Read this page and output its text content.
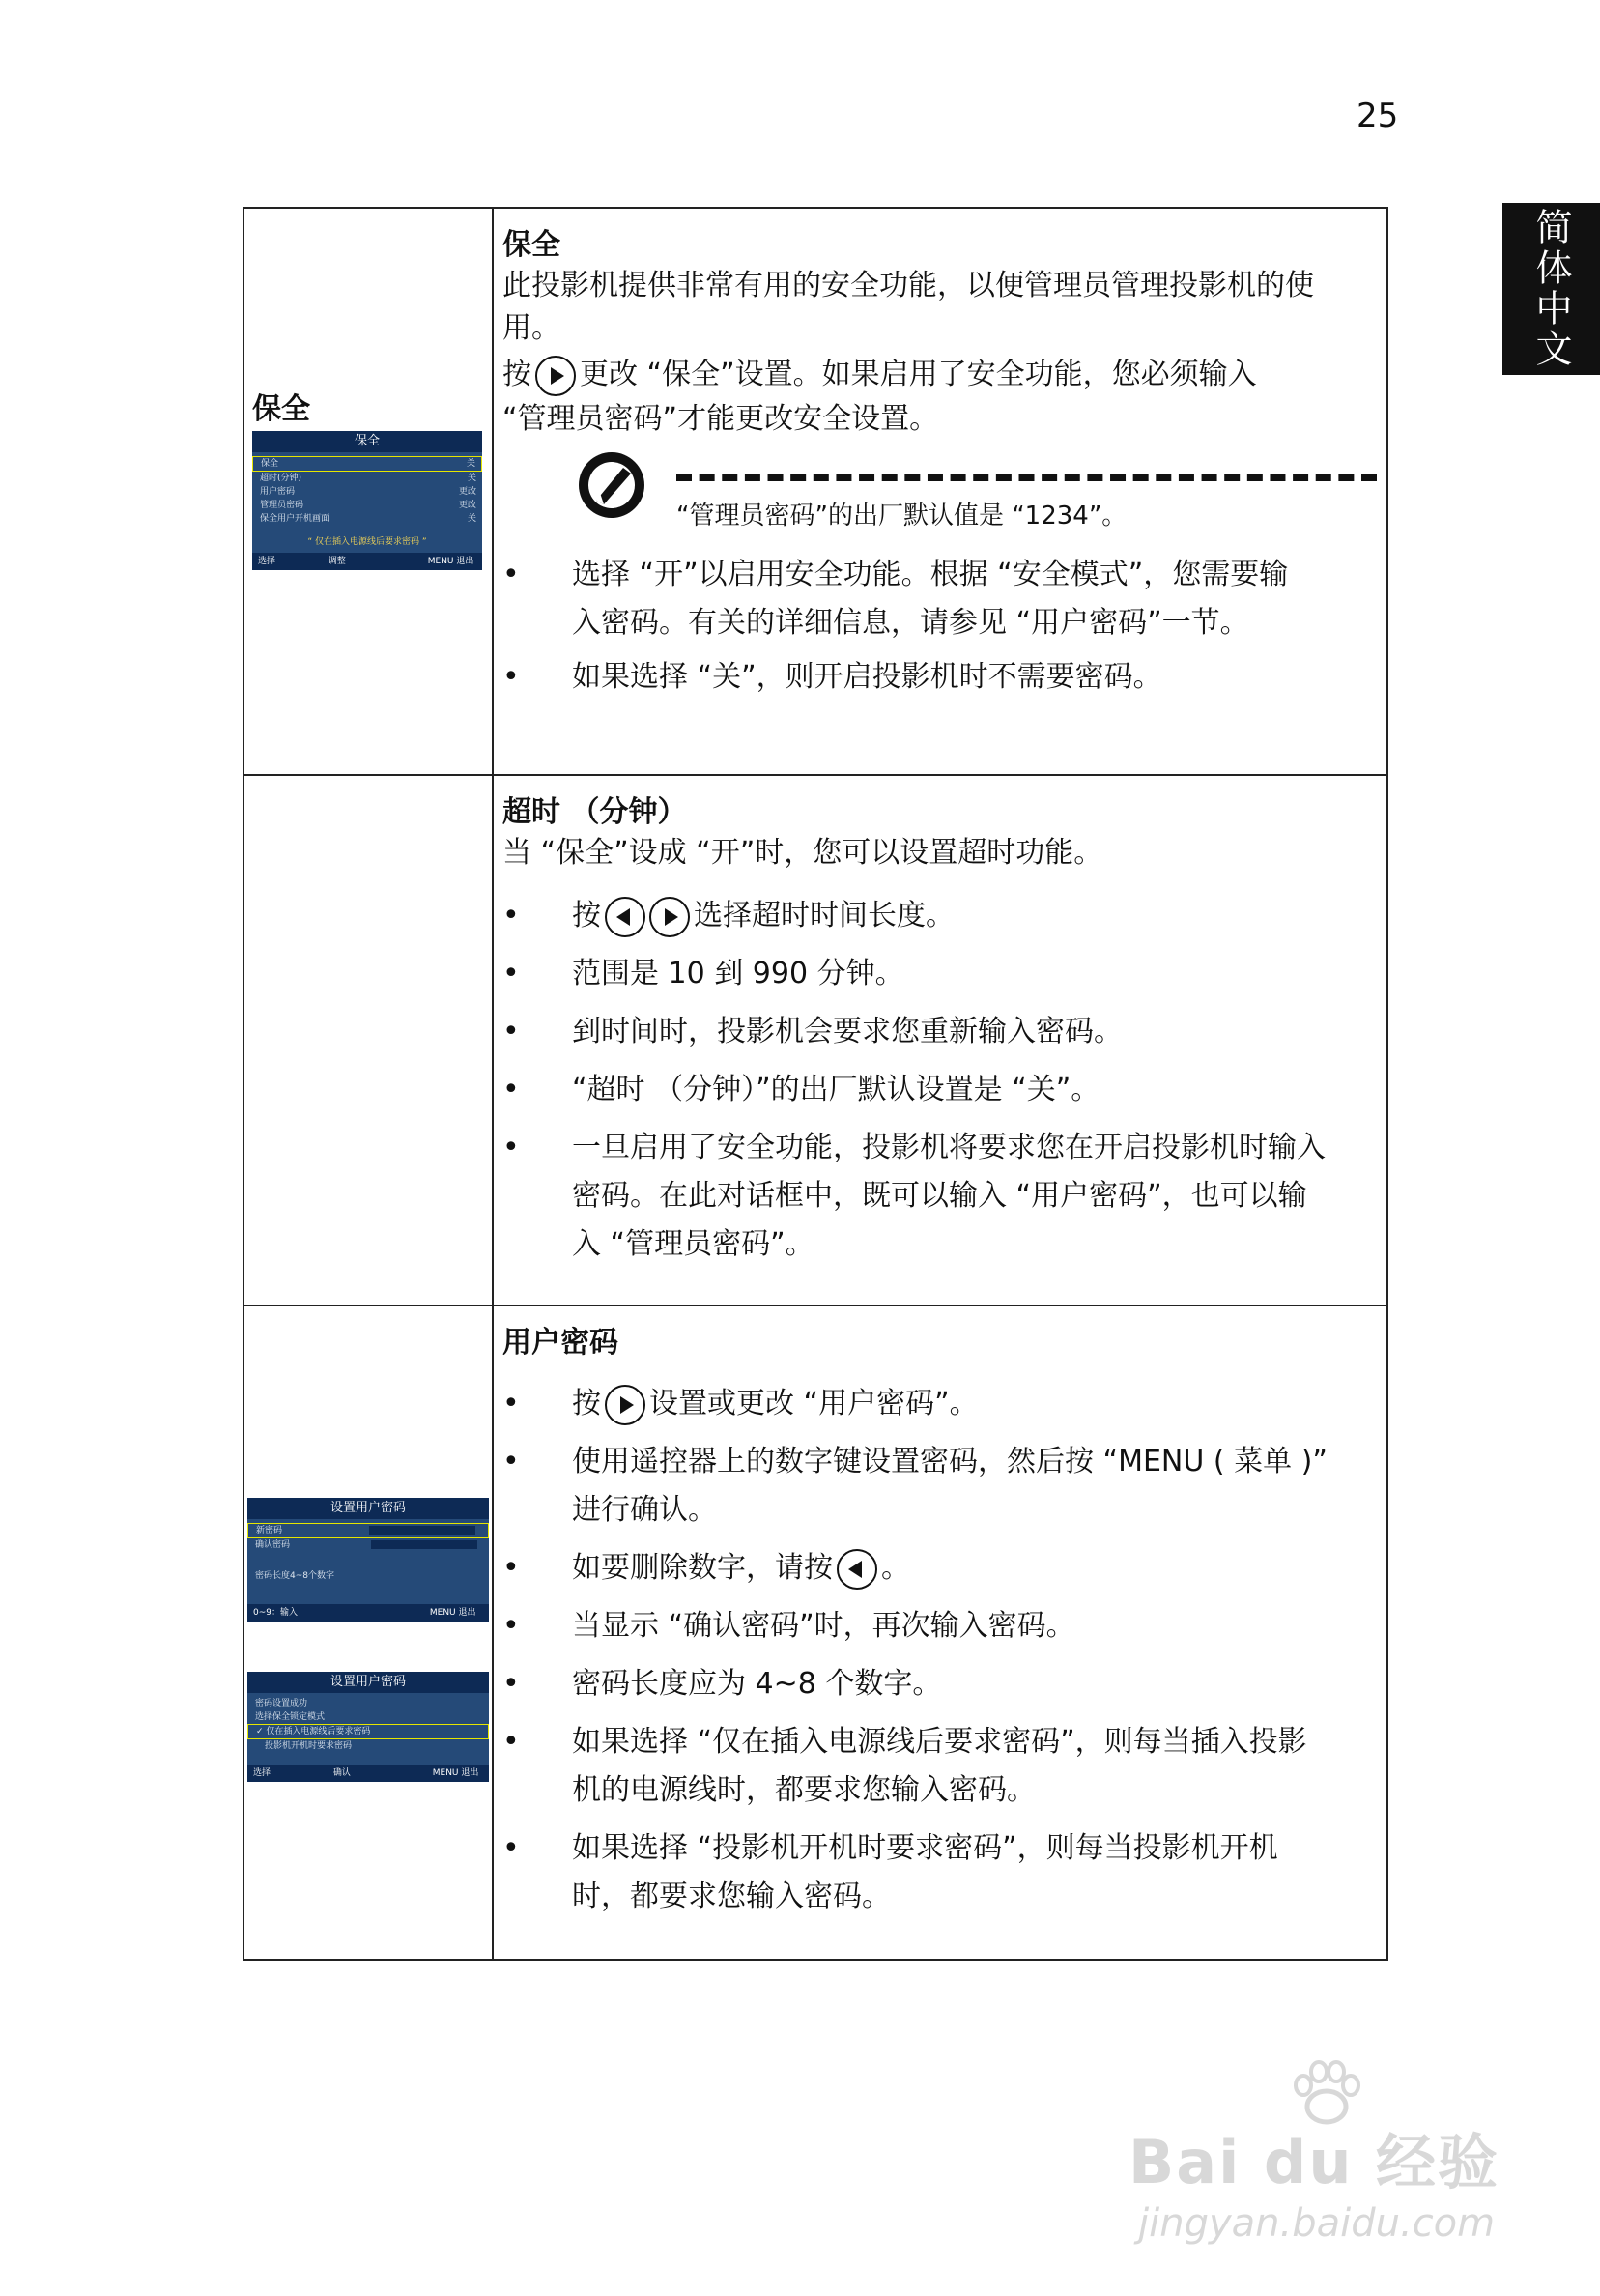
25
简体中文
保全
保全
保全	关
超时(分钟)	关
用户密码	更改
管理员密码	更改
保全用户开机画面	关
“ 仅在插入电源线后要求密码 ”
选择	调整	MENU 退出

保全

此投影机提供非常有用的安全功能，以便管理员管理投影机的使

用。

按 更改 “保全”设置。如果启用了安全功能，您必须输入

“管理员密码”才能更改安全设置。

“管理员密码”的出厂默认值是 “1234”。
• 选择 “开”以启用安全功能。根据 “安全模式”，您需要输
入密码。有关的详细信息，请参见 “用户密码”一节。
• 如果选择 “关”，则开启投影机时不需要密码。

超时 （分钟）

当 “保全”设成 “开”时，您可以设置超时功能。

• 按	选择超时时间长度。
• 范围是 10 到 990 分钟。
• 到时间时，投影机会要求您重新输入密码。
• “超时 （分钟）”的出厂默认设置是 “关”。
• 一旦启用了安全功能，投影机将要求您在开启投影机时输入
密码。在此对话框中，既可以输入 “用户密码”，也可以输
入 “管理员密码”。
设置用户密码
新密码
确认密码
密码长度4~8个数字
0~9：输入	MENU 退出
设置用户密码
密码设置成功
选择保全锁定模式
✓ 仅在插入电源线后要求密码
投影机开机时要求密码
选择	确认	MENU 退出

用户密码

• 按 设置或更改 “用户密码”。
• 使用遥控器上的数字键设置密码，然后按 “MENU ( 菜单 )”
进行确认。
• 如要删除数字，请按 。
• 当显示 “确认密码”时，再次输入密码。
• 密码长度应为 4~8 个数字。
• 如果选择 “仅在插入电源线后要求密码”，则每当插入投影
机的电源线时，都要求您输入密码。
• 如果选择 “投影机开机时要求密码”，则每当投影机开机
时，都要求您输入密码。
Bai du 经验
jingyan.baidu.com
